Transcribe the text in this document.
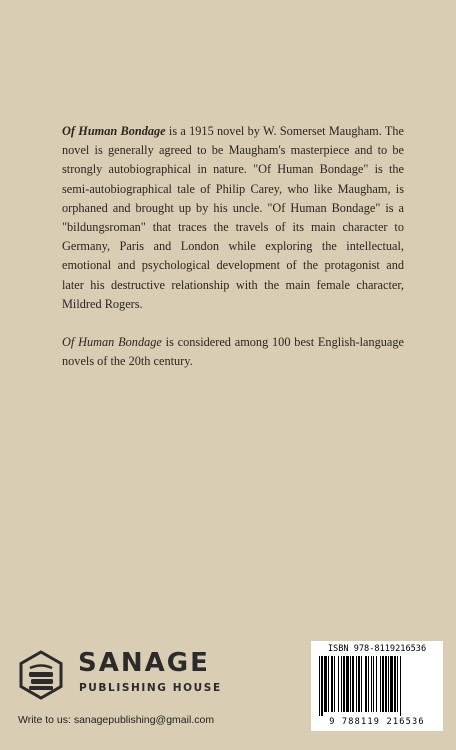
Of Human Bondage is a 1915 novel by W. Somerset Maugham. The novel is generally agreed to be Maugham's masterpiece and to be strongly autobiographical in nature. "Of Human Bondage" is the semi-autobiographical tale of Philip Carey, who like Maugham, is orphaned and brought up by his uncle. "Of Human Bondage" is a "bildungsroman" that traces the travels of its main character to Germany, Paris and London while exploring the intellectual, emotional and psychological development of the protagonist and later his destructive relationship with the main female character, Mildred Rogers.

Of Human Bondage is considered among 100 best English-language novels of the 20th century.

SANAGE
PUBLISHING HOUSE
Write to us: sanagepublishing@gmail.com
ISBN 978-8119216536
9 788119 216536
